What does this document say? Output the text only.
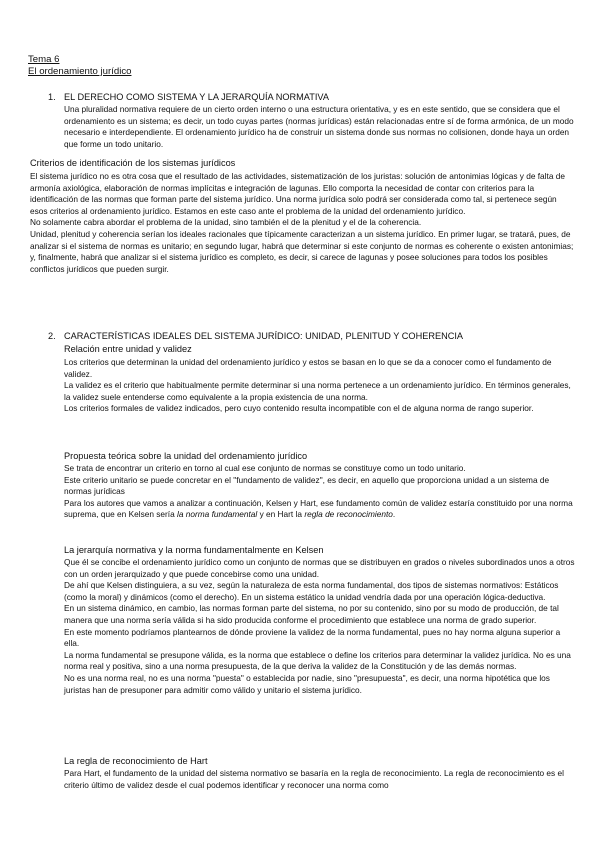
Tema 6
El ordenamiento jurídico
1. EL DERECHO COMO SISTEMA Y LA JERARQUÍA NORMATIVA

Una pluralidad normativa requiere de un cierto orden interno o una estructura orientativa, y es en este sentido, que se considera que el ordenamiento es un sistema; es decir, un todo cuyas partes (normas jurídicas) están relacionadas entre sí de forma armónica, de un modo necesario e interdependiente. El ordenamiento jurídico ha de construir un sistema donde sus normas no colisionen, donde haya un orden que forme un todo unitario.

Criterios de identificación de los sistemas jurídicos

El sistema jurídico no es otra cosa que el resultado de las actividades, sistematización de los juristas: solución de antonimias lógicas y de falta de armonía axiológica, elaboración de normas implícitas e integración de lagunas. Ello comporta la necesidad de contar con criterios para la identificación de las normas que forman parte del sistema jurídico. Una norma jurídica solo podrá ser considerada como tal, si pertenece según esos criterios al ordenamiento jurídico. Estamos en este caso ante el problema de la unidad del ordenamiento jurídico.

No solamente cabra abordar el problema de la unidad, sino también el de la plenitud y el de la coherencia.

Unidad, plenitud y coherencia serían los ideales racionales que típicamente caracterizan a un sistema jurídico. En primer lugar, se tratará, pues, de analizar si el sistema de normas es unitario; en segundo lugar, habrá que determinar si este conjunto de normas es coherente o existen antonimias; y, finalmente, habrá que analizar si el sistema jurídico es completo, es decir, si carece de lagunas y posee soluciones para todos los posibles conflictos jurídicos que pueden surgir.

2. CARACTERÍSTICAS IDEALES DEL SISTEMA JURÍDICO: UNIDAD, PLENITUD Y COHERENCIA
Relación entre unidad y validez

Los criterios que determinan la unidad del ordenamiento jurídico y estos se basan en lo que se da a conocer como el fundamento de validez.

La validez es el criterio que habitualmente permite determinar si una norma pertenece a un ordenamiento jurídico. En términos generales, la validez suele entenderse como equivalente a la propia existencia de una norma.

Los criterios formales de validez indicados, pero cuyo contenido resulta incompatible con el de alguna norma de rango superior.

Propuesta teórica sobre la unidad del ordenamiento jurídico

Se trata de encontrar un criterio en torno al cual ese conjunto de normas se constituye como un todo unitario.

Este criterio unitario se puede concretar en el "fundamento de validez", es decir, en aquello que proporciona unidad a un sistema de normas jurídicas

Para los autores que vamos a analizar a continuación, Kelsen y Hart, ese fundamento común de validez estaría constituido por una norma suprema, que en Kelsen sería la norma fundamental y en Hart la regla de reconocimiento.

La jerarquía normativa y la norma fundamentalmente en Kelsen

Que él se concibe el ordenamiento jurídico como un conjunto de normas que se distribuyen en grados o niveles subordinados unos a otros con un orden jerarquizado y que puede concebirse como una unidad.

De ahí que Kelsen distinguiera, a su vez, según la naturaleza de esta norma fundamental, dos tipos de sistemas normativos: Estáticos (como la moral) y dinámicos (como el derecho). En un sistema estático la unidad vendría dada por una operación lógica-deductiva.

En un sistema dinámico, en cambio, las normas forman parte del sistema, no por su contenido, sino por su modo de producción, de tal manera que una norma sería válida si ha sido producida conforme el procedimiento que establece una norma de grado superior.

En este momento podríamos plantearnos de dónde proviene la validez de la norma fundamental, pues no hay norma alguna superior a ella.

La norma fundamental se presupone válida, es la norma que establece o define los criterios para determinar la validez jurídica. No es una norma real y positiva, sino a una norma presupuesta, de la que deriva la validez de la Constitución y de las demás normas.

No es una norma real, no es una norma "puesta" o establecida por nadie, sino "presupuesta", es decir, una norma hipotética que los juristas han de presuponer para admitir como válido y unitario el sistema jurídico.

La regla de reconocimiento de Hart

Para Hart, el fundamento de la unidad del sistema normativo se basaría en la regla de reconocimiento. La regla de reconocimiento es el criterio último de validez desde el cual podemos identificar y reconocer una norma como
